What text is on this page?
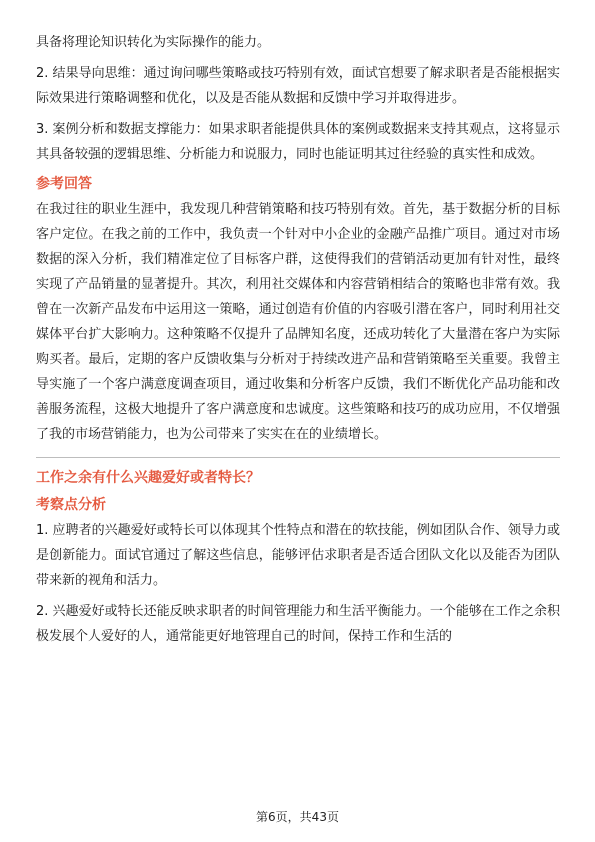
具备将理论知识转化为实际操作的能力。

2. 结果导向思维：通过询问哪些策略或技巧特别有效，面试官想要了解求职者是否能根据实际效果进行策略调整和优化，以及是否能从数据和反馈中学习并取得进步。

3. 案例分析和数据支撑能力：如果求职者能提供具体的案例或数据来支持其观点，这将显示其具备较强的逻辑思维、分析能力和说服力，同时也能证明其过往经验的真实性和成效。

参考回答

在我过往的职业生涯中，我发现几种营销策略和技巧特别有效。首先，基于数据分析的目标客户定位。在我之前的工作中，我负责一个针对中小企业的金融产品推广项目。通过对市场数据的深入分析，我们精准定位了目标客户群，这使得我们的营销活动更加有针对性，最终实现了产品销量的显著提升。其次，利用社交媒体和内容营销相结合的策略也非常有效。我曾在一次新产品发布中运用这一策略，通过创造有价值的内容吸引潜在客户，同时利用社交媒体平台扩大影响力。这种策略不仅提升了品牌知名度，还成功转化了大量潜在客户为实际购买者。最后，定期的客户反馈收集与分析对于持续改进产品和营销策略至关重要。我曾主导实施了一个客户满意度调查项目，通过收集和分析客户反馈，我们不断优化产品功能和改善服务流程，这极大地提升了客户满意度和忠诚度。这些策略和技巧的成功应用，不仅增强了我的市场营销能力，也为公司带来了实实在在的业绩增长。

工作之余有什么兴趣爱好或者特长？
考察点分析

1. 应聘者的兴趣爱好或特长可以体现其个性特点和潜在的软技能，例如团队合作、领导力或是创新能力。面试官通过了解这些信息，能够评估求职者是否适合团队文化以及能否为团队带来新的视角和活力。

2. 兴趣爱好或特长还能反映求职者的时间管理能力和生活平衡能力。一个能够在工作之余积极发展个人爱好的人，通常能更好地管理自己的时间，保持工作和生活的

第6页，共43页
